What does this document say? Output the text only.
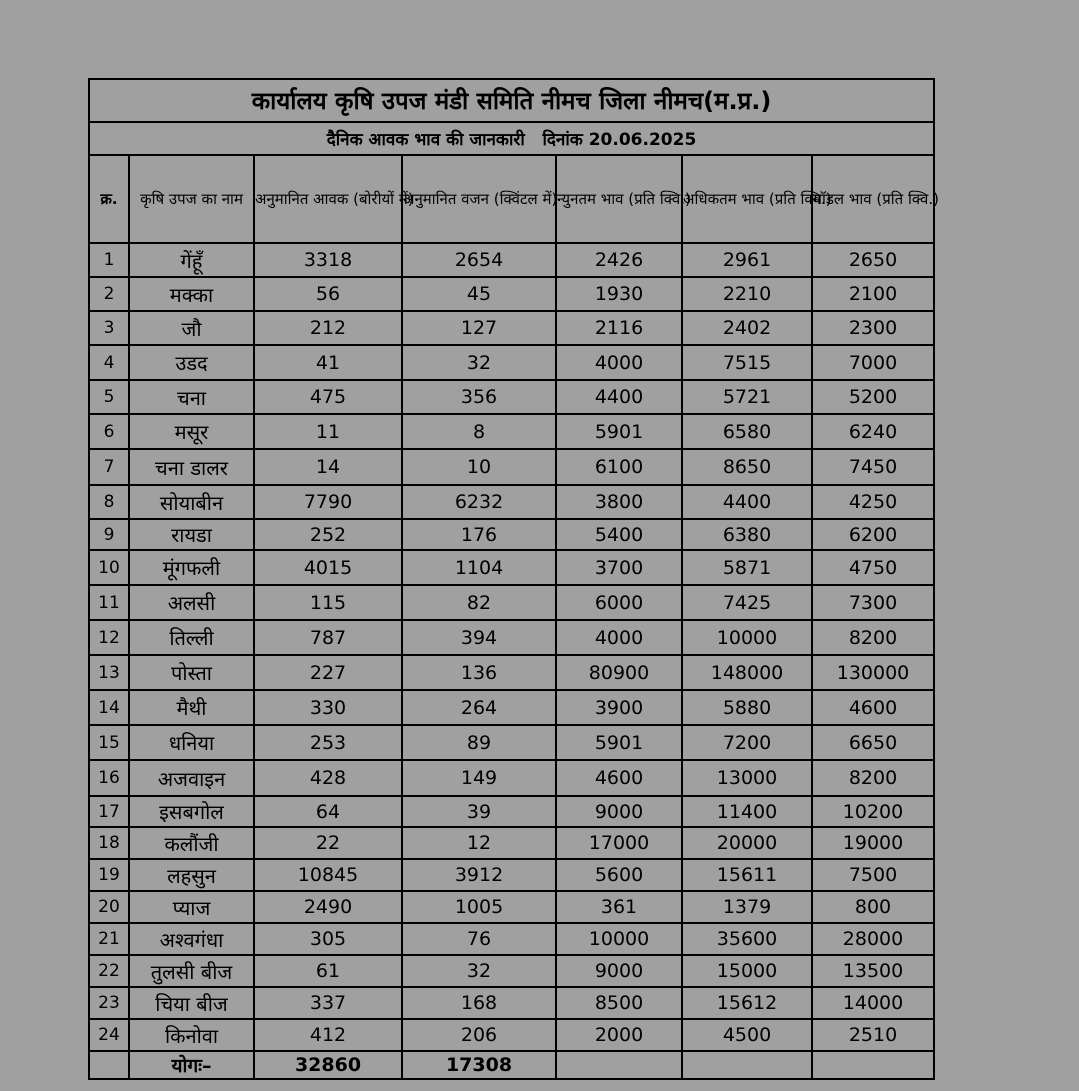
कार्यालय कृषि उपज मंडी समिति नीमच जिला नीमच(म.प्र.)						
दैनिक आवक भाव की जानकारी   दिनांक 20.06.2025						
क्र.	कृषि उपज का नाम	अनुमानित आवक (बोरीयों में)	अनुमानित वजन (क्विंटल में)	न्युनतम भाव (प्रति क्वि.)	अधिकतम भाव (प्रति क्वि.)	मॉडल भाव (प्रति क्वि.)
1	गेंहूँ	3318	2654	2426	2961	2650
2	मक्का	56	45	1930	2210	2100
3	जौ	212	127	2116	2402	2300
4	उडद	41	32	4000	7515	7000
5	चना	475	356	4400	5721	5200
6	मसूर	11	8	5901	6580	6240
7	चना डालर	14	10	6100	8650	7450
8	सोयाबीन	7790	6232	3800	4400	4250
9	रायडा	252	176	5400	6380	6200
10	मूंगफली	4015	1104	3700	5871	4750
11	अलसी	115	82	6000	7425	7300
12	तिल्ली	787	394	4000	10000	8200
13	पोस्ता	227	136	80900	148000	130000
14	मैथी	330	264	3900	5880	4600
15	धनिया	253	89	5901	7200	6650
16	अजवाइन	428	149	4600	13000	8200
17	इसबगोल	64	39	9000	11400	10200
18	कलौंजी	22	12	17000	20000	19000
19	लहसुन	10845	3912	5600	15611	7500
20	प्याज	2490	1005	361	1379	800
21	अश्वगंधा	305	76	10000	35600	28000
22	तुलसी बीज	61	32	9000	15000	13500
23	चिया बीज	337	168	8500	15612	14000
24	किनोवा	412	206	2000	4500	2510
	योगः–	32860	17308			
